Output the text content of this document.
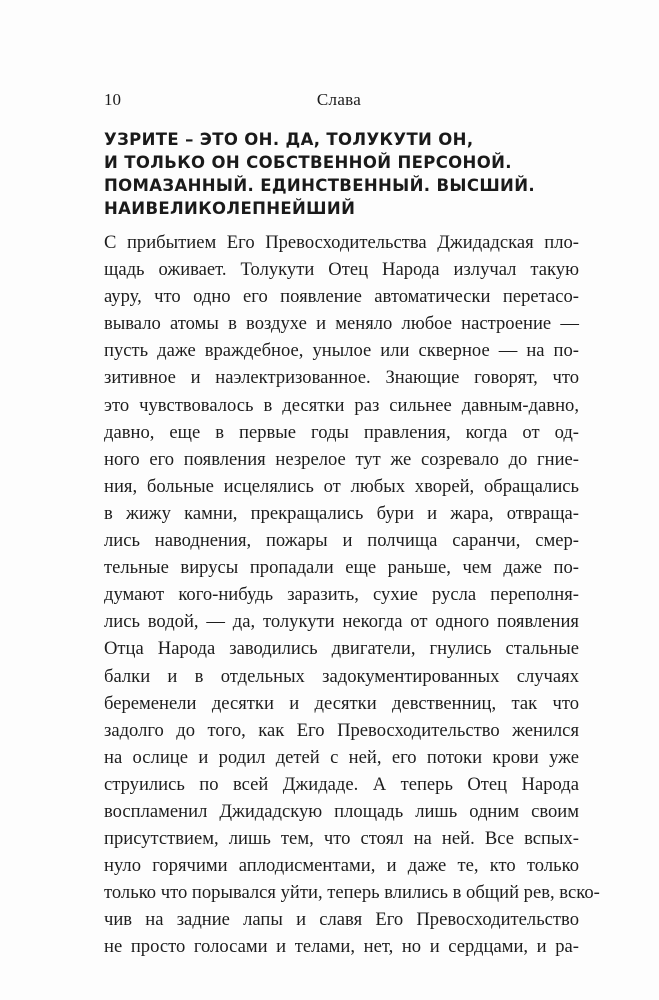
10	Слава
УЗРИТЕ – ЭТО ОН. ДА, ТОЛУКУТИ ОН,
И ТОЛЬКО ОН СОБСТВЕННОЙ ПЕРСОНОЙ.
ПОМАЗАННЫЙ. ЕДИНСТВЕННЫЙ. ВЫСШИЙ.
НАИВЕЛИКОЛЕПНЕЙШИЙ
С прибытием Его Превосходительства Джидадская пло-
щадь оживает. Толукути Отец Народа излучал такую
ауру, что одно его появление автоматически перетасо-
вывало атомы в воздухе и меняло любое настроение —
пусть даже враждебное, унылое или скверное — на по-
зитивное и наэлектризованное. Знающие говорят, что
это чувствовалось в десятки раз сильнее давным-давно,
давно, еще в первые годы правления, когда от од-
ного его появления незрелое тут же созревало до гние-
ния, больные исцелялись от любых хворей, обращались
в жижу камни, прекращались бури и жара, отвраща-
лись наводнения, пожары и полчища саранчи, смер-
тельные вирусы пропадали еще раньше, чем даже по-
думают кого-нибудь заразить, сухие русла переполня-
лись водой, — да, толукути некогда от одного появления
Отца Народа заводились двигатели, гнулись стальные
балки и в отдельных задокументированных случаях
беременели десятки и десятки девственниц, так что
задолго до того, как Его Превосходительство женился
на ослице и родил детей с ней, его потоки крови уже
струились по всей Джидаде. А теперь Отец Народа
воспламенил Джидадскую площадь лишь одним своим
присутствием, лишь тем, что стоял на ней. Все вспых-
нуло горячими аплодисментами, и даже те, кто только
только что порывался уйти, теперь влились в общий рев, вско-
чив на задние лапы и славя Его Превосходительство
не просто голосами и телами, нет, но и сердцами, и ра-
